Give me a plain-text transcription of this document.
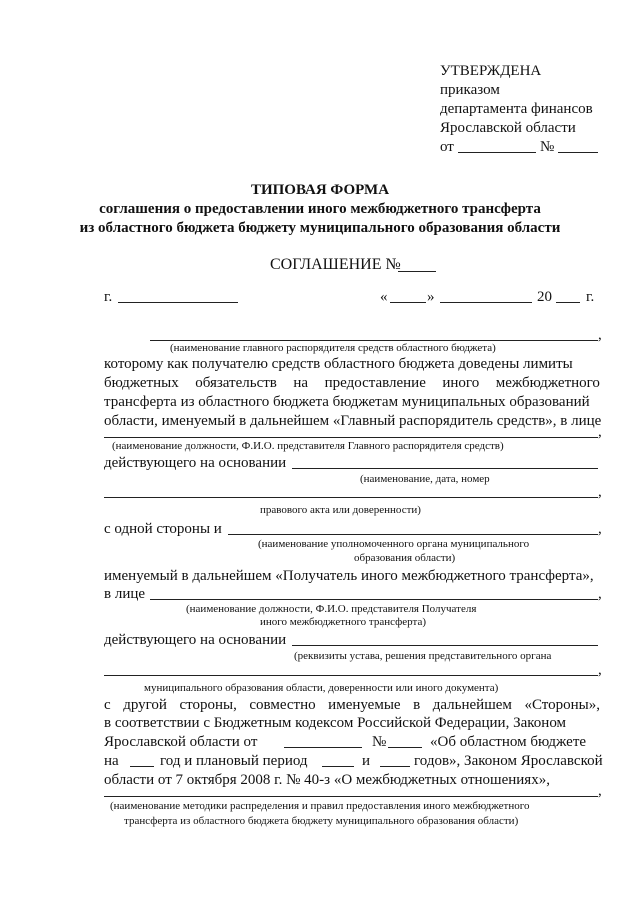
УТВЕРЖДЕНА
приказом
департамента финансов
Ярославской области
от	№
ТИПОВАЯ ФОРМА
соглашения о предоставлении иного межбюджетного трансферта
из областного бюджета бюджету муниципального образования области
СОГЛАШЕНИЕ №
г.	«	»	20 г.
,
(наименование главного распорядителя средств областного бюджета)
которому как получателю средств областного бюджета доведены лимиты
бюджетных обязательств на предоставление иного межбюджетного
трансферта из областного бюджета бюджетам муниципальных образований
области, именуемый в дальнейшем «Главный распорядитель средств», в лице
,
(наименование должности, Ф.И.О. представителя Главного распорядителя средств)
действующего на основании
(наименование, дата, номер
,
правового акта или доверенности)
с одной стороны и	,
(наименование уполномоченного органа муниципального
образования области)
именуемый в дальнейшем «Получатель иного межбюджетного трансферта»,
в лице	,
(наименование должности, Ф.И.О. представителя Получателя
иного межбюджетного трансферта)
действующего на основании
(реквизиты устава, решения представительного органа
,
муниципального образования области, доверенности или иного документа)
с другой стороны, совместно именуемые в дальнейшем «Стороны»,
в соответствии с Бюджетным кодексом Российской Федерации, Законом
Ярославской области от	№	«Об областном бюджете
на	год и плановый период	и	годов», Законом Ярославской
области от 7 октября 2008 г. № 40-з «О межбюджетных отношениях»,
,
(наименование методики распределения и правил предоставления иного межбюджетного
трансферта из областного бюджета бюджету муниципального образования области)
